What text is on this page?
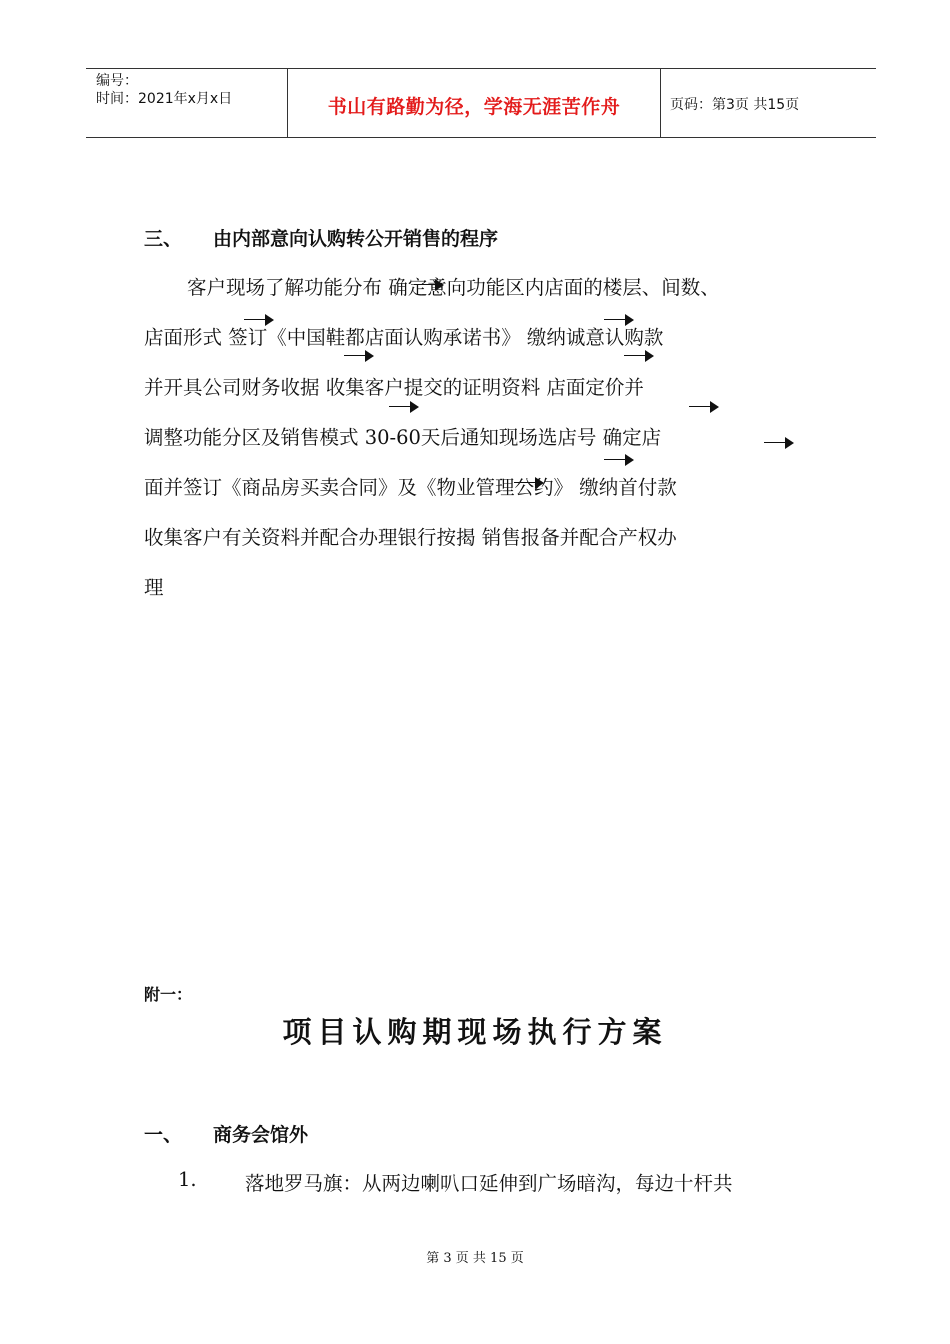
编号：
时间：2021年x月x日	书山有路勤为径，学海无涯苦作舟	页码：第3页 共15页
三、 由内部意向认购转公开销售的程序
客户现场了解功能分布 确定意向功能区内店面的楼层、间数、
店面形式 签订《中国鞋都店面认购承诺书》 缴纳诚意认购款
并开具公司财务收据 收集客户提交的证明资料 店面定价并
调整功能分区及销售模式 30-60天后通知现场选店号 确定店
面并签订《商品房买卖合同》及《物业管理公约》 缴纳首付款
收集客户有关资料并配合办理银行按揭 销售报备并配合产权办
理
附一：
项目认购期现场执行方案
一、 商务会馆外
1. 落地罗马旗：从两边喇叭口延伸到广场暗沟，每边十杆共
第 3 页 共 15 页
